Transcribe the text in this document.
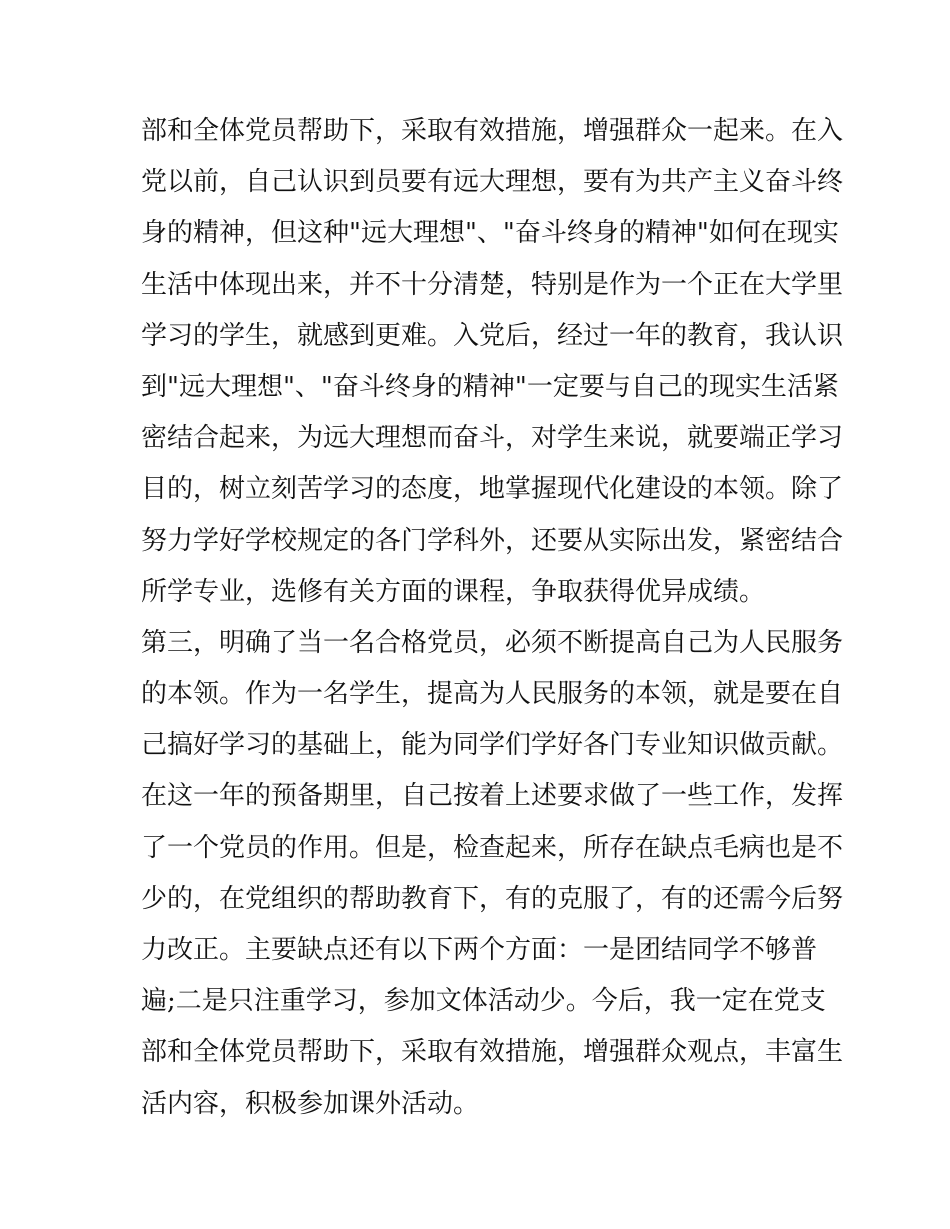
部和全体党员帮助下，采取有效措施，增强群众一起来。在入
党以前，自己认识到员要有远大理想，要有为共产主义奋斗终
身的精神，但这种"远大理想"、"奋斗终身的精神"如何在现实
生活中体现出来，并不十分清楚，特别是作为一个正在大学里
学习的学生，就感到更难。入党后，经过一年的教育，我认识
到"远大理想"、"奋斗终身的精神"一定要与自己的现实生活紧
密结合起来，为远大理想而奋斗，对学生来说，就要端正学习
目的，树立刻苦学习的态度，地掌握现代化建设的本领。除了
努力学好学校规定的各门学科外，还要从实际出发，紧密结合
所学专业，选修有关方面的课程，争取获得优异成绩。
第三，明确了当一名合格党员，必须不断提高自己为人民服务
的本领。作为一名学生，提高为人民服务的本领，就是要在自
己搞好学习的基础上，能为同学们学好各门专业知识做贡献。
在这一年的预备期里，自己按着上述要求做了一些工作，发挥
了一个党员的作用。但是，检查起来，所存在缺点毛病也是不
少的，在党组织的帮助教育下，有的克服了，有的还需今后努
力改正。主要缺点还有以下两个方面：一是团结同学不够普
遍;二是只注重学习，参加文体活动少。今后，我一定在党支
部和全体党员帮助下，采取有效措施，增强群众观点，丰富生
活内容，积极参加课外活动。
